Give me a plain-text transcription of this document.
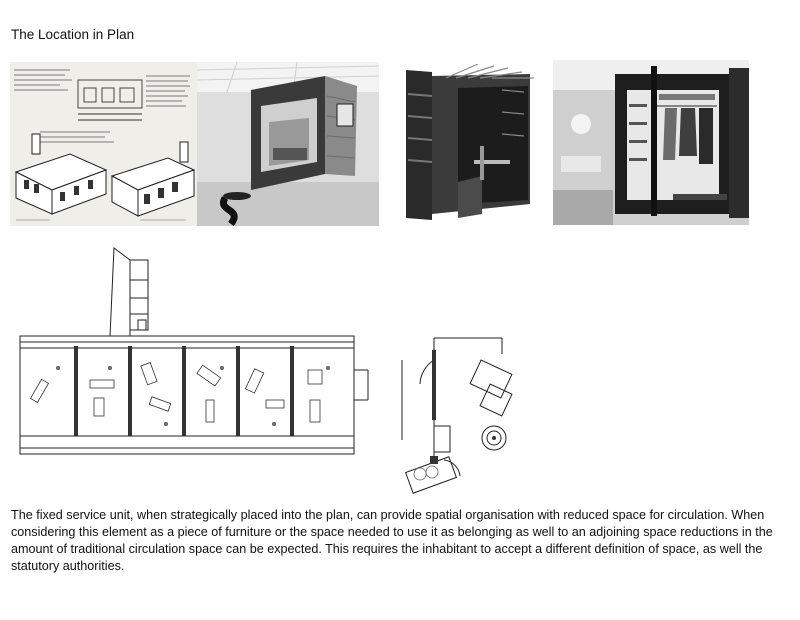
The Location in Plan
The fixed service unit, when strategically placed into the plan, can provide spatial organisation with reduced space for circulation. When considering this element as a piece of furniture or the space needed to use it as belonging as well to an adjoining space reductions in the amount of traditional circulation space can be expected. This requires the inhabitant to accept a different definition of space, as well the statutory authorities.
